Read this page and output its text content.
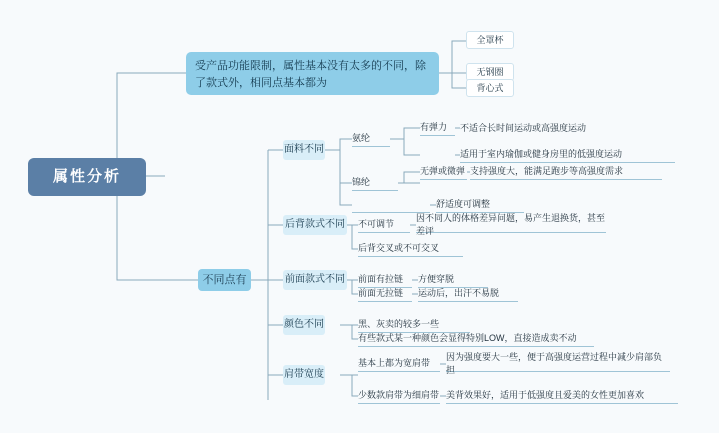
属性分析
受产品功能限制，属性基本没有太多的不同，除了款式外，相同点基本都为
全罩杯
无钢圈
背心式
不同点有
面料不同
氨纶
有弹力 不适合长时间运动或高强度运动
适用于室内瑜伽或健身房里的低强度运动
锦纶
无弹或微弹 支持强度大，能满足跑步等高强度需求
舒适度可调整
后背款式不同 不可调节
因不同人的体格差异问题，易产生退换货，甚至差评
后背交叉或不可交叉
前面款式不同 前面有拉链 方便穿脱
前面无拉链 运动后，出汗不易脱
颜色不同	黑、灰卖的较多一些
有些款式某一种颜色会显得特别LOW，直接造成卖不动
肩带宽度
基本上都为宽肩带
因为强度要大一些，便于高强度运营过程中减少肩部负担
少数款肩带为细肩带 美背效果好，适用于低强度且爱美的女性更加喜欢
